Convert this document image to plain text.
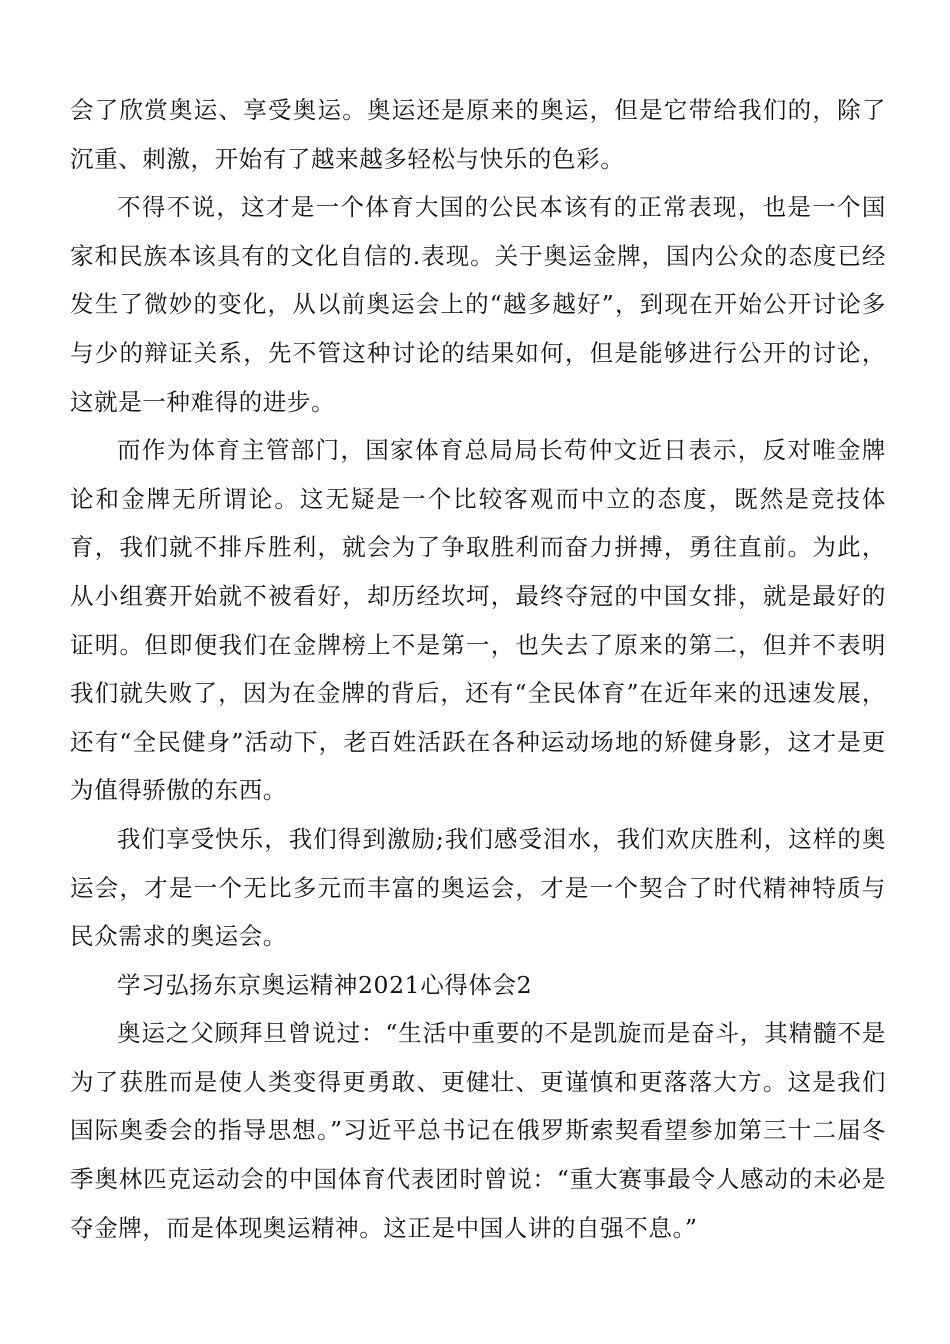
会了欣赏奥运、享受奥运。奥运还是原来的奥运，但是它带给我们的，除了沉重、刺激，开始有了越来越多轻松与快乐的色彩。

不得不说，这才是一个体育大国的公民本该有的正常表现，也是一个国家和民族本该具有的文化自信的.表现。关于奥运金牌，国内公众的态度已经发生了微妙的变化，从以前奥运会上的“越多越好”，到现在开始公开讨论多与少的辩证关系，先不管这种讨论的结果如何，但是能够进行公开的讨论，这就是一种难得的进步。

而作为体育主管部门，国家体育总局局长苟仲文近日表示，反对唯金牌论和金牌无所谓论。这无疑是一个比较客观而中立的态度，既然是竞技体育，我们就不排斥胜利，就会为了争取胜利而奋力拼搏，勇往直前。为此，从小组赛开始就不被看好，却历经坎坷，最终夺冠的中国女排，就是最好的证明。但即便我们在金牌榜上不是第一，也失去了原来的第二，但并不表明我们就失败了，因为在金牌的背后，还有“全民体育”在近年来的迅速发展，还有“全民健身”活动下，老百姓活跃在各种运动场地的矫健身影，这才是更为值得骄傲的东西。

我们享受快乐，我们得到激励;我们感受泪水，我们欢庆胜利，这样的奥运会，才是一个无比多元而丰富的奥运会，才是一个契合了时代精神特质与民众需求的奥运会。

学习弘扬东京奥运精神2021心得体会2

奥运之父顾拜旦曾说过：“生活中重要的不是凯旋而是奋斗，其精髓不是为了获胜而是使人类变得更勇敢、更健壮、更谨慎和更落落大方。这是我们国际奥委会的指导思想。”习近平总书记在俄罗斯索契看望参加第三十二届冬季奥林匹克运动会的中国体育代表团时曾说：“重大赛事最令人感动的未必是夺金牌，而是体现奥运精神。这正是中国人讲的自强不息。”
